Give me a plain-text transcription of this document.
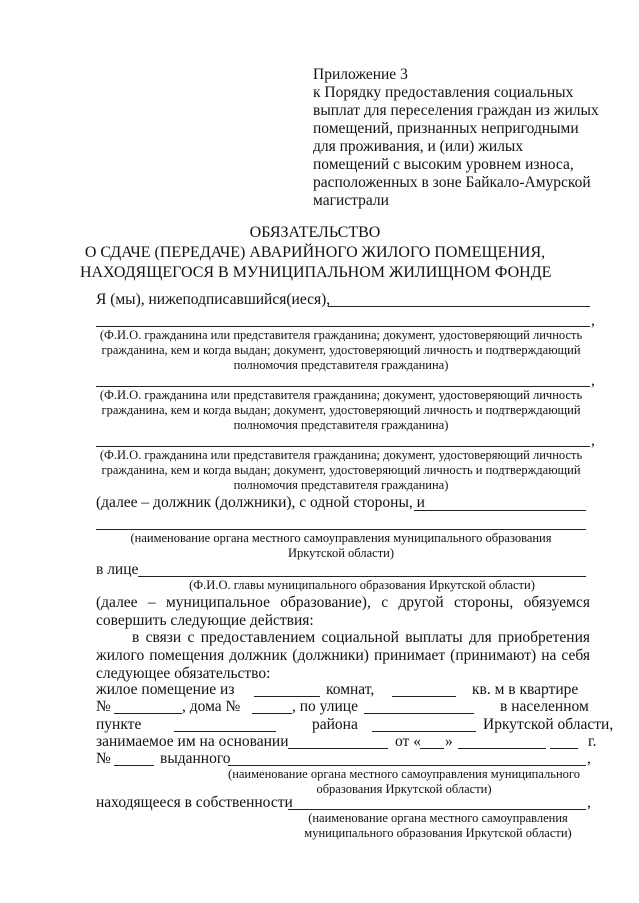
Приложение 3
к Порядку предоставления социальных
выплат для переселения граждан из жилых
помещений, признанных непригодными
для проживания, и (или) жилых
помещений с высоким уровнем износа,
расположенных в зоне Байкало-Амурской
магистрали
ОБЯЗАТЕЛЬСТВО
О СДАЧЕ (ПЕРЕДАЧЕ) АВАРИЙНОГО ЖИЛОГО ПОМЕЩЕНИЯ,
НАХОДЯЩЕГОСЯ В МУНИЦИПАЛЬНОМ ЖИЛИЩНОМ ФОНДЕ
Я (мы), нижеподписавшийся(иеся),
,
(Ф.И.О. гражданина или представителя гражданина; документ, удостоверяющий личность
гражданина, кем и когда выдан; документ, удостоверяющий личность и подтверждающий
полномочия представителя гражданина)
,
(Ф.И.О. гражданина или представителя гражданина; документ, удостоверяющий личность
гражданина, кем и когда выдан; документ, удостоверяющий личность и подтверждающий
полномочия представителя гражданина)
,
(Ф.И.О. гражданина или представителя гражданина; документ, удостоверяющий личность
гражданина, кем и когда выдан; документ, удостоверяющий личность и подтверждающий
полномочия представителя гражданина)
(далее – должник (должники), с одной стороны, и
(наименование органа местного самоуправления муниципального образования
Иркутской области)
в лице
(Ф.И.О. главы муниципального образования Иркутской области)
(далее – муниципальное образование), с другой стороны, обязуемся
совершить следующие действия:
в связи с предоставлением социальной выплаты для приобретения
жилого помещения должник (должники) принимает (принимают) на себя
следующее обязательство:
жилое помещение из	комнат,	кв. м в квартире
№	, дома №	, по улице	в населенном
пункте	района	Иркутской области,
занимаемое им на основании	от « »	г.
№	выданного	,
(наименование органа местного самоуправления муниципального
образования Иркутской области)
находящееся в собственности	,
(наименование органа местного самоуправления
муниципального образования Иркутской области)
